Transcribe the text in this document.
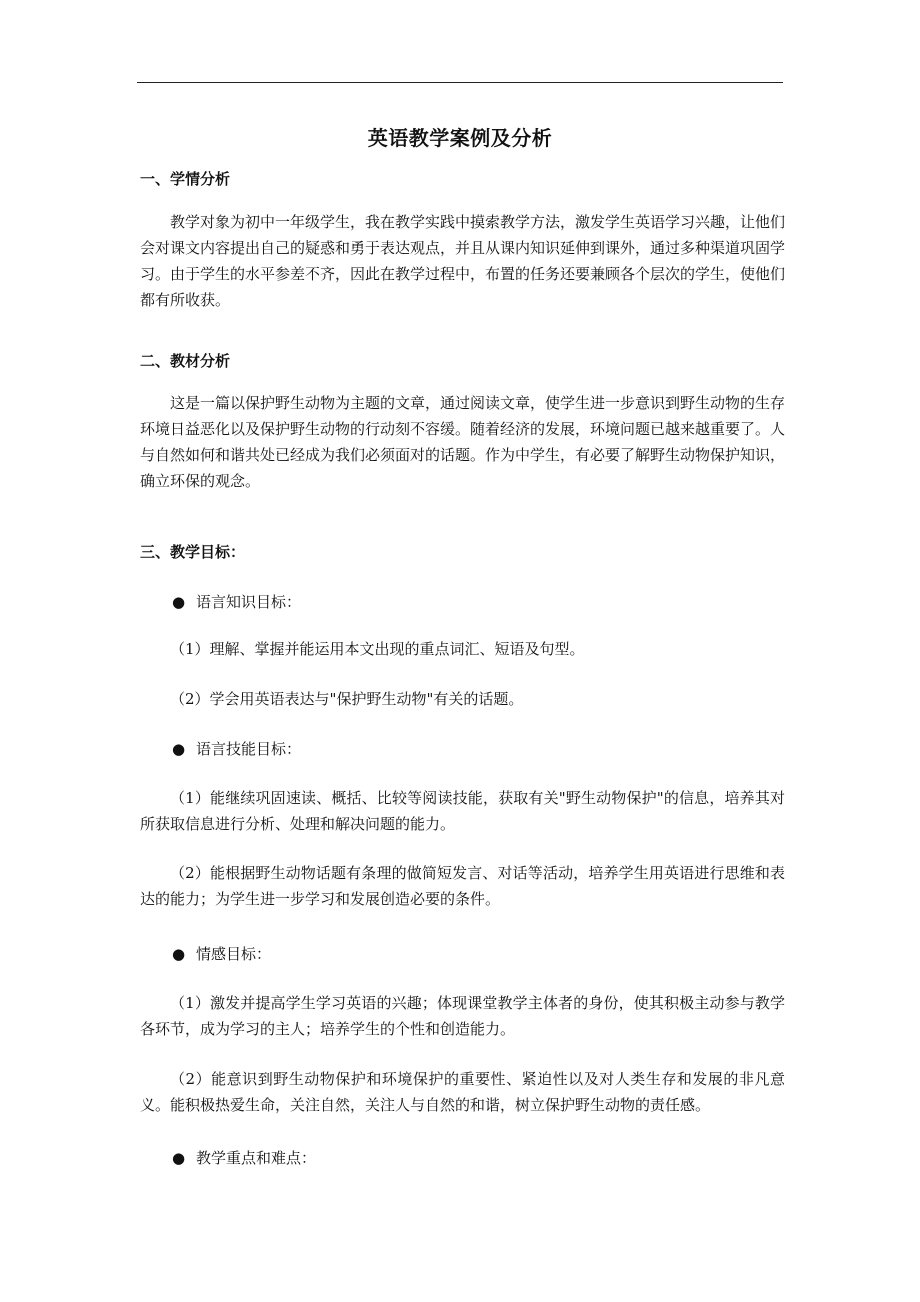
英语教学案例及分析
一、学情分析
教学对象为初中一年级学生，我在教学实践中摸索教学方法，激发学生英语学习兴趣，让他们会对课文内容提出自己的疑惑和勇于表达观点，并且从课内知识延伸到课外，通过多种渠道巩固学习。由于学生的水平参差不齐，因此在教学过程中，布置的任务还要兼顾各个层次的学生，使他们都有所收获。
二、教材分析
这是一篇以保护野生动物为主题的文章，通过阅读文章，使学生进一步意识到野生动物的生存环境日益恶化以及保护野生动物的行动刻不容缓。随着经济的发展，环境问题已越来越重要了。人与自然如何和谐共处已经成为我们必须面对的话题。作为中学生，有必要了解野生动物保护知识，确立环保的观念。
三、教学目标：
● 语言知识目标：
（1）理解、掌握并能运用本文出现的重点词汇、短语及句型。
（2）学会用英语表达与"保护野生动物"有关的话题。
● 语言技能目标：
（1）能继续巩固速读、概括、比较等阅读技能，获取有关"野生动物保护"的信息，培养其对所获取信息进行分析、处理和解决问题的能力。
（2）能根据野生动物话题有条理的做简短发言、对话等活动，培养学生用英语进行思维和表达的能力；为学生进一步学习和发展创造必要的条件。
● 情感目标：
（1）激发并提高学生学习英语的兴趣；体现课堂教学主体者的身份，使其积极主动参与教学各环节，成为学习的主人；培养学生的个性和创造能力。
（2）能意识到野生动物保护和环境保护的重要性、紧迫性以及对人类生存和发展的非凡意义。能积极热爱生命，关注自然，关注人与自然的和谐，树立保护野生动物的责任感。
● 教学重点和难点：
